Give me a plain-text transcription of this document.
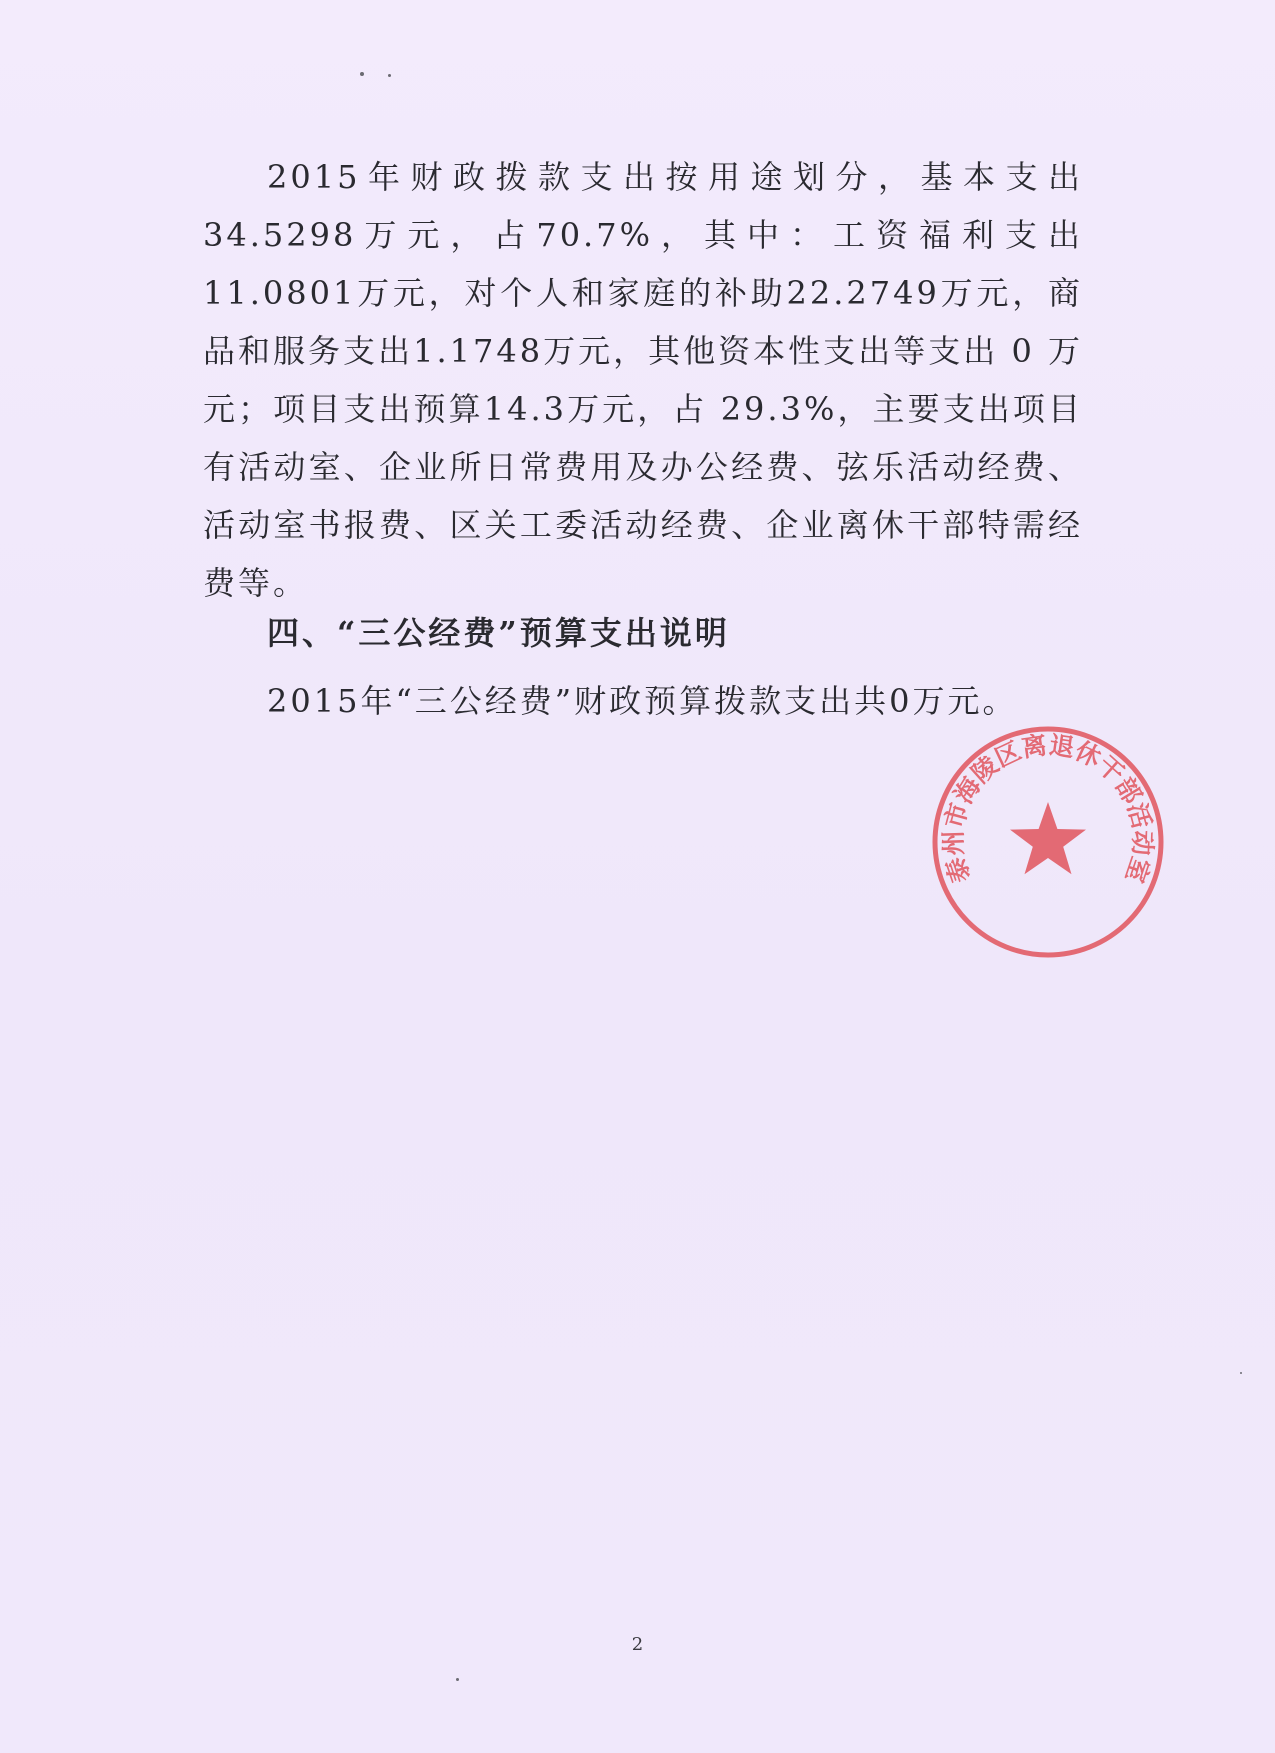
2015年财政拨款支出按用途划分，基本支出34.5298万元，占70.7%，其中：工资福利支出11.0801万元，对个人和家庭的补助22.2749万元，商品和服务支出1.1748万元，其他资本性支出等支出 0 万元；项目支出预算14.3万元，占 29.3%，主要支出项目有活动室、企业所日常费用及办公经费、弦乐活动经费、活动室书报费、区关工委活动经费、企业离休干部特需经费等。

四、“三公经费”预算支出说明

2015年“三公经费”财政预算拨款支出共0万元。

泰州市海陵区离退休干部活动室
2
